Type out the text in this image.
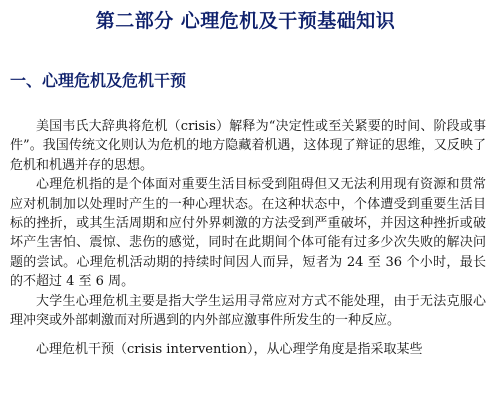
第二部分 心理危机及干预基础知识
一、心理危机及危机干预

美国韦氏大辞典将危机（crisis）解释为“决定性或至关紧要的时间、阶段或事件”。我国传统文化则认为危机的地方隐藏着机遇，这体现了辩证的思维，又反映了危机和机遇并存的思想。

心理危机指的是个体面对重要生活目标受到阻碍但又无法利用现有资源和贯常应对机制加以处理时产生的一种心理状态。在这种状态中，个体遭受到重要生活目标的挫折，或其生活周期和应付外界刺激的方法受到严重破坏，并因这种挫折或破坏产生害怕、震惊、悲伤的感觉，同时在此期间个体可能有过多少次失败的解决问题的尝试。心理危机活动期的持续时间因人而异，短者为 24 至 36 个小时，最长的不超过 4 至 6 周。

大学生心理危机主要是指大学生运用寻常应对方式不能处理，由于无法克服心理冲突或外部刺激而对所遇到的内外部应激事件所发生的一种反应。

心理危机干预（crisis intervention），从心理学角度是指采取某些
